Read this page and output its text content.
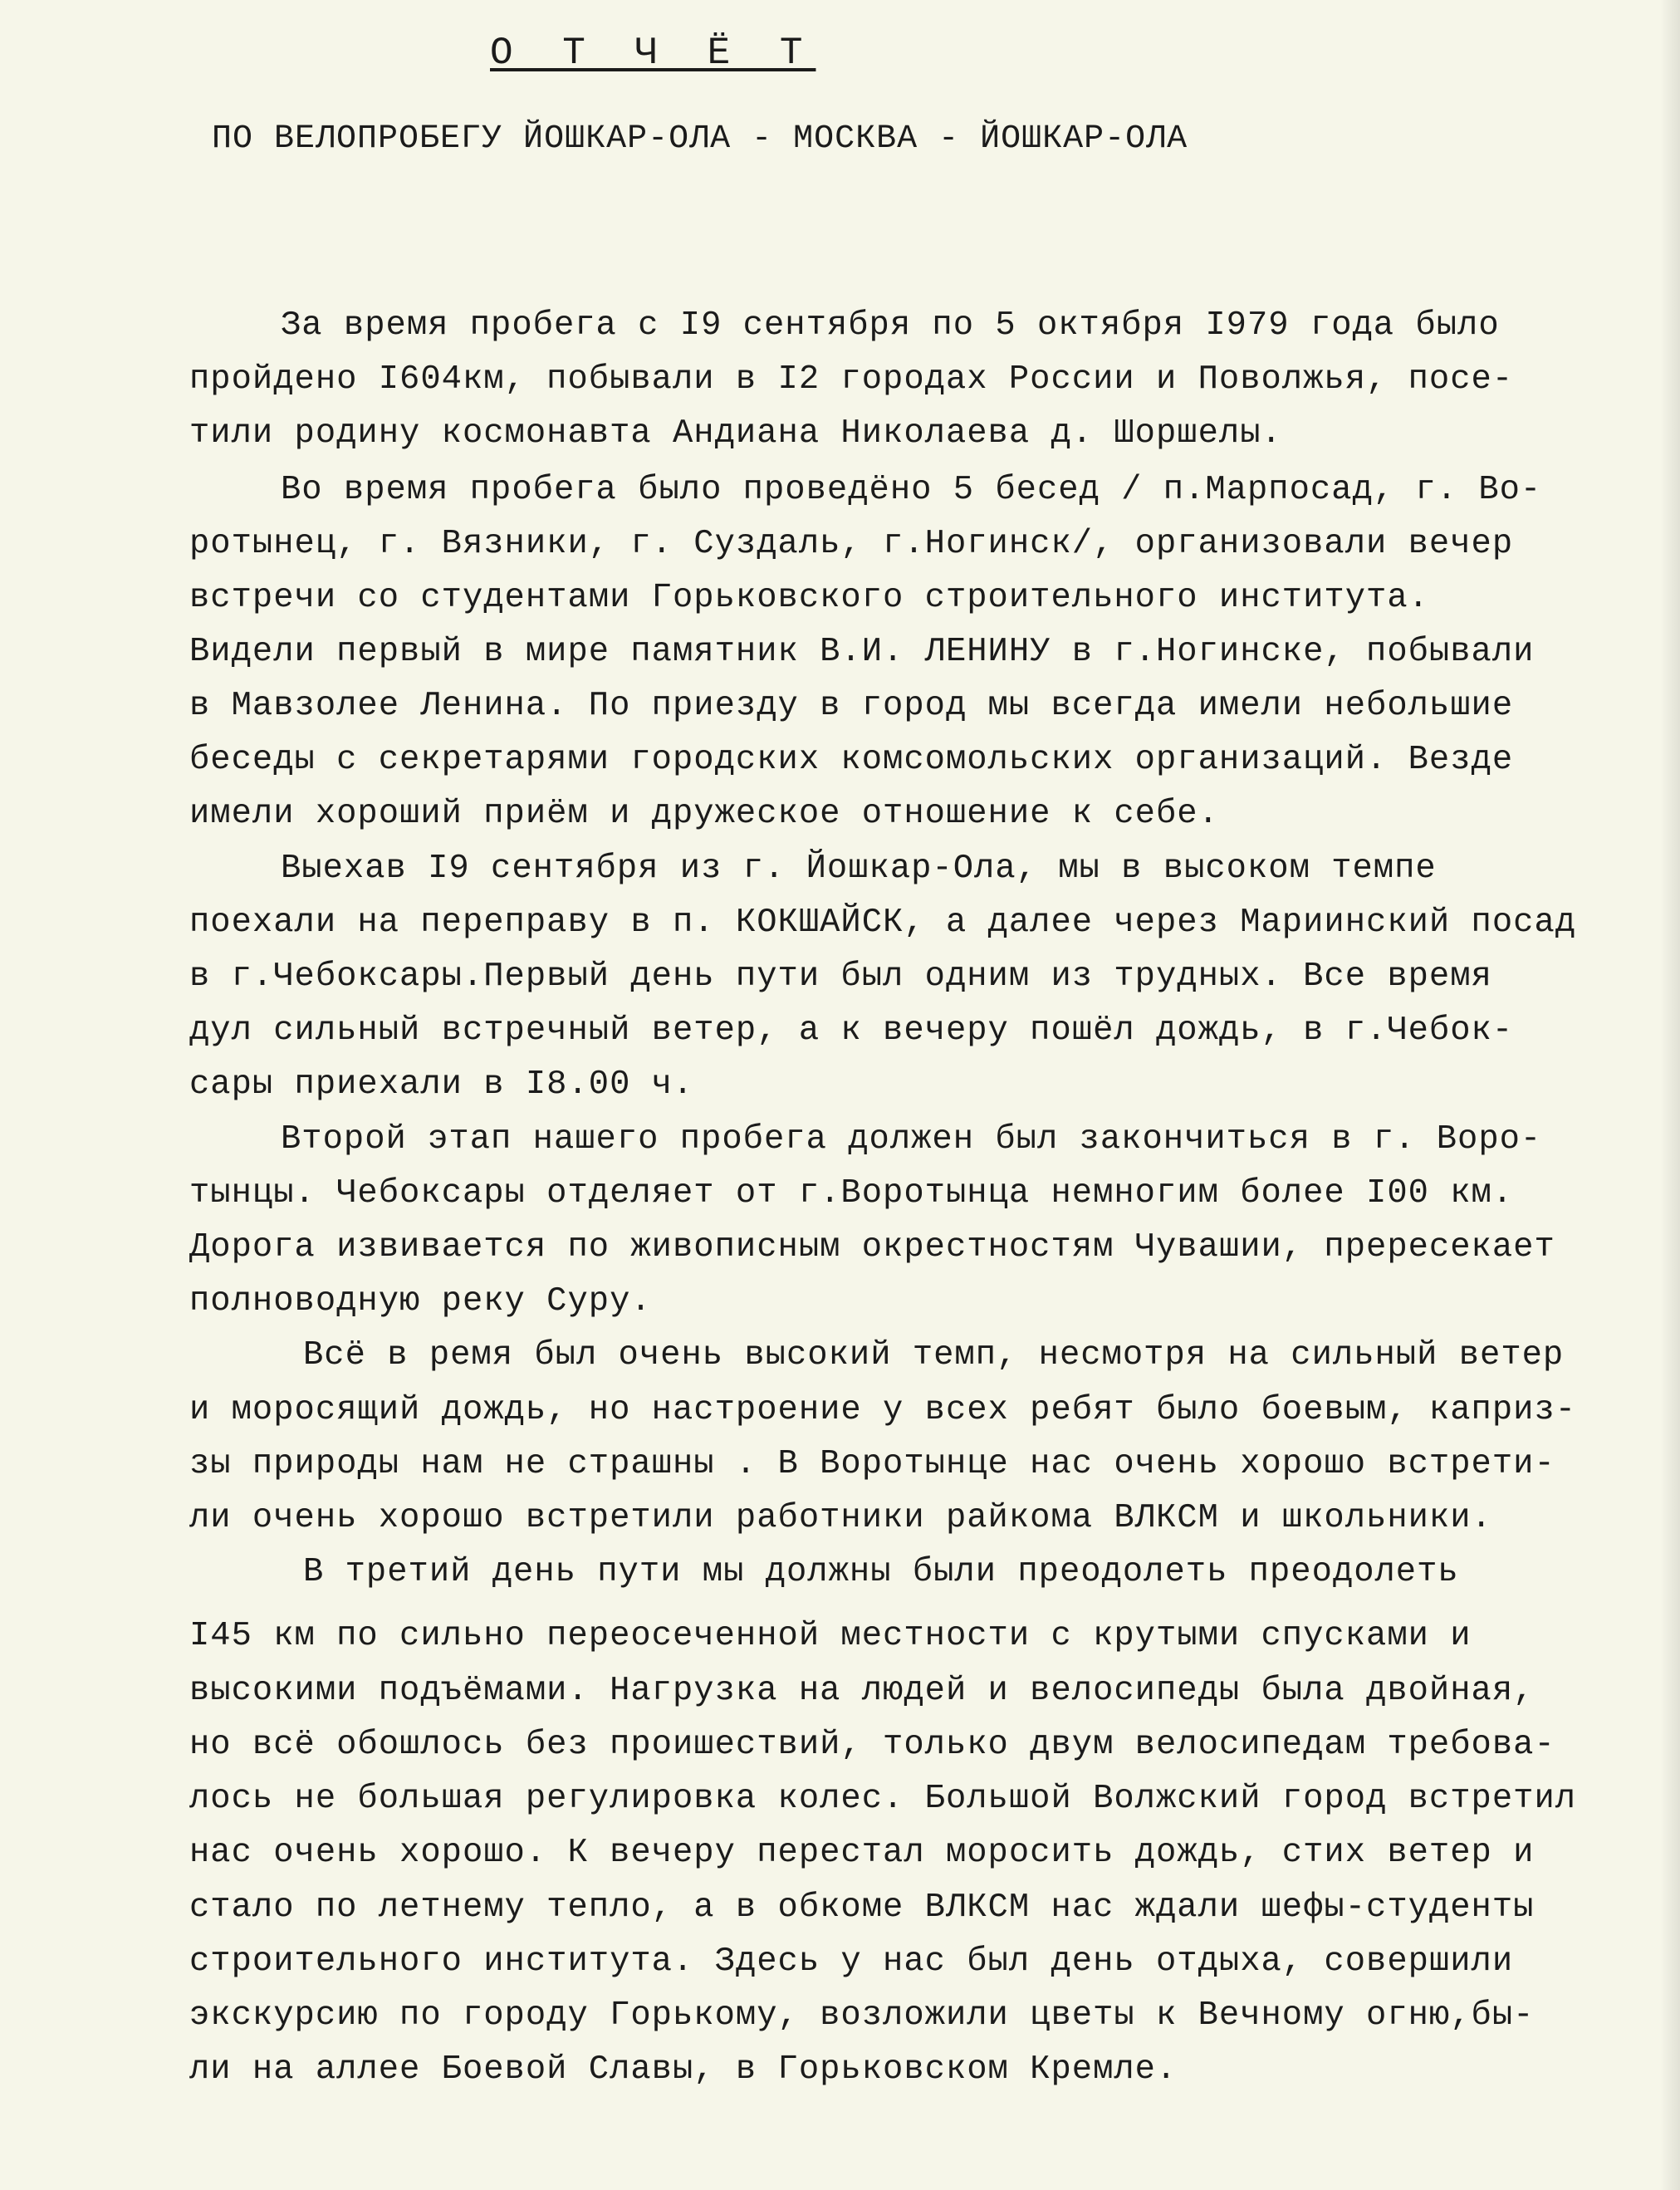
О Т Ч Ё Т
ПО ВЕЛОПРОБЕГУ ЙОШКАР-ОЛА - МОСКВА - ЙОШКАР-ОЛА
За время пробега с I9 сентября по 5 октября I979 года было
пройдено I604км, побывали в I2 городах России и Поволжья, посе-
тили родину космонавта Андиана Николаева д. Шоршелы.
Во время пробега было проведёно 5 бесед / п.Марпосад, г. Во-
ротынец, г. Вязники, г. Суздаль, г.Ногинск/, организовали вечер
встречи со студентами Горьковского строительного института.
Видели первый в мире памятник В.И. ЛЕНИНУ в г.Ногинске, побывали
в Мавзолее Ленина. По приезду в город мы всегда имели небольшие
беседы с секретарями городских комсомольских организаций. Везде
имели хороший приём и дружеское отношение к себе.
Выехав I9 сентября из г. Йошкар-Ола, мы в высоком темпе
поехали на переправу в п. КОКШАЙСК, а далее через Мариинский посад
в г.Чебоксары.Первый день пути был одним из трудных. Все время
дул сильный встречный ветер, а к вечеру пошёл дождь, в г.Чебок-
сары приехали в I8.00 ч.
Второй этап нашего пробега должен был закончиться в г. Воро-
тынцы. Чебоксары отделяет от г.Воротынца немногим более I00 км.
Дорога извивается по живописным окрестностям Чувашии, прересекает
полноводную реку Суру.
Всё в ремя был очень высокий темп, несмотря на сильный ветер
и моросящий дождь, но настроение у всех ребят было боевым, каприз-
зы природы нам не страшны . В Воротынце нас очень хорошо встрети-
ли очень хорошо встретили работники райкома ВЛКСМ и школьники.
В третий день пути мы должны были преодолеть преодолеть
I45 км по сильно переосеченной местности с крутыми спусками и
высокими подъёмами. Нагрузка на людей и велосипеды была двойная,
но всё обошлось без проишествий, только двум велосипедам требова-
лось не большая регулировка колес. Большой Волжский город встретил
нас очень хорошо. К вечеру перестал моросить дождь, стих ветер и
стало по летнему тепло, а в обкоме ВЛКСМ нас ждали шефы-студенты
строительного института. Здесь у нас был день отдыха, совершили
экскурсию по городу Горькому, возложили цветы к Вечному огню,бы-
ли на аллее Боевой Славы, в Горьковском Кремле.
